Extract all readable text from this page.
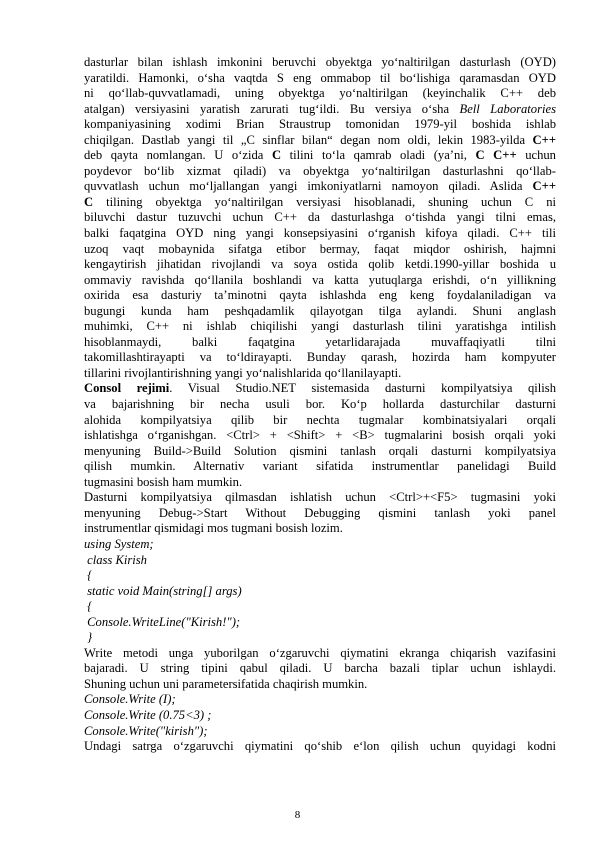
dasturlar bilan ishlash imkonini beruvchi obyektga yo‘naltirilgan dasturlash (OYD)
yaratildi. Hamonki, o‘sha vaqtda S eng ommabop til bo‘lishiga qaramasdan OYD
ni qo‘llab-quvvatlamadi, uning obyektga yo‘naltirilgan (keyinchalik C++ deb
atalgan) versiyasini yaratish zarurati tug‘ildi. Bu versiya o‘sha Bell Laboratories
kompaniyasining xodimi Brian Straustrup tomonidan 1979-yil boshida ishlab
chiqilgan. Dastlab yangi til „C sinflar bilan“ degan nom oldi, lekin 1983-yilda C++
deb qayta nomlangan. U o‘zida C tilini to‘la qamrab oladi (ya’ni, C C++ uchun
poydevor bo‘lib xizmat qiladi) va obyektga yo‘naltirilgan dasturlashni qo‘llab-
quvvatlash uchun mo‘ljallangan yangi imkoniyatlarni namoyon qiladi. Aslida C++
C tilining obyektga yo‘naltirilgan versiyasi hisoblanadi, shuning uchun C ni
biluvchi dastur tuzuvchi uchun C++ da dasturlashga o‘tishda yangi tilni emas,
balki faqatgina OYD ning yangi konsepsiyasini o‘rganish kifoya qiladi. C++ tili
uzoq vaqt mobaynida sifatga etibor bermay, faqat miqdor oshirish, hajmni
kengaytirish jihatidan rivojlandi va soya ostida qolib ketdi.1990-yillar boshida u
ommaviy ravishda qo‘llanila boshlandi va katta yutuqlarga erishdi, o‘n yillikning
oxirida esa dasturiy ta’minotni qayta ishlashda eng keng foydalaniladigan va
bugungi kunda ham peshqadamlik qilayotgan tilga aylandi. Shuni anglash
muhimki, C++ ni ishlab chiqilishi yangi dasturlash tilini yaratishga intilish
hisoblanmaydi, balki faqatgina yetarlidarajada muvaffaqiyatli tilni
takomillashtirayapti va to‘ldirayapti. Bunday qarash, hozirda ham kompyuter
tillarini rivojlantirishning yangi yo‘nalishlarida qo‘llanilayapti.
Consol rejimi. Visual Studio.NET sistemasida dasturni kompilyatsiya qilish
va bajarishning bir necha usuli bor. Ko‘p hollarda dasturchilar dasturni
alohida kompilyatsiya qilib bir nechta tugmalar kombinatsiyalari orqali
ishlatishga o‘rganishgan. <Ctrl> + <Shift> + <B> tugmalarini bosish orqali yoki
menyuning Build->Build Solution qismini tanlash orqali dasturni kompilyatsiya
qilish mumkin. Alternativ variant sifatida instrumentlar panelidagi Build
tugmasini bosish ham mumkin.
Dasturni kompilyatsiya qilmasdan ishlatish uchun <Ctrl>+<F5> tugmasini yoki
menyuning Debug->Start Without Debugging qismini tanlash yoki panel
instrumentlar qismidagi mos tugmani bosish lozim.
using System;
class Kirish
{
static void Main(string[] args)
{
Console.WriteLine("Kirish!");
}
Write metodi unga yuborilgan o‘zgaruvchi qiymatini ekranga chiqarish vazifasini
bajaradi. U string tipini qabul qiladi. U barcha bazali tiplar uchun ishlaydi.
Shuning uchun uni parametersifatida chaqirish mumkin.
Console.Write (I);
Console.Write (0.75<3) ;
Console.Write("kirish");
Undagi satrga o‘zgaruvchi qiymatini qo‘shib e‘lon qilish uchun quyidagi kodni
8
